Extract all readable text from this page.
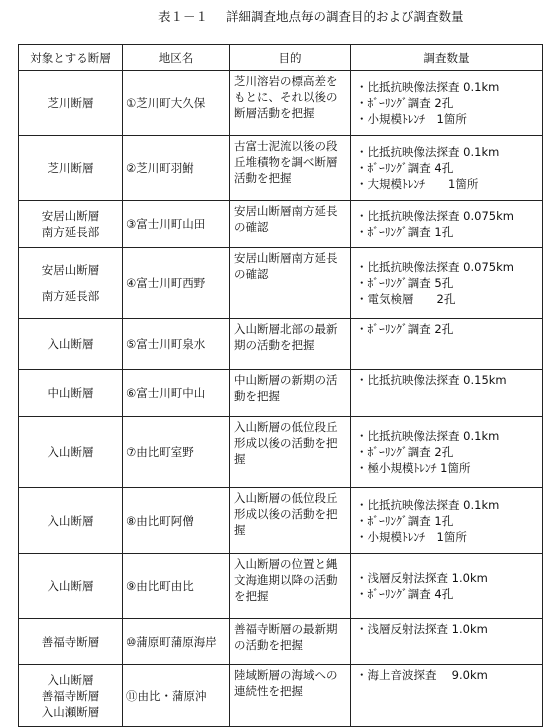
表１－１ 詳細調査地点毎の調査目的および調査数量
対象とする断層	地区名	目的	調査数量

芝川断層	①芝川町大久保	芝川溶岩の標高差を
もとに、それ以後の
断層活動を把握	・比抵抗映像法探査 0.1km
・ﾎﾞｰﾘﾝｸﾞ調査 2孔
・小規模ﾄﾚﾝﾁ　1箇所

芝川断層	②芝川町羽鮒	古富士泥流以後の段
丘堆積物を調べ断層
活動を把握	・比抵抗映像法探査 0.1km
・ﾎﾞｰﾘﾝｸﾞ調査 4孔
・大規模ﾄﾚﾝﾁ　　1箇所

安居山断層
南方延長部	③富士川町山田	安居山断層南方延長
の確認	・比抵抗映像法探査 0.075km
・ﾎﾞｰﾘﾝｸﾞ調査 1孔

安居山断層
南方延長部	④富士川町西野	安居山断層南方延長
の確認	・比抵抗映像法探査 0.075km
・ﾎﾞｰﾘﾝｸﾞ調査 5孔
・電気検層　　2孔

入山断層	⑤富士川町泉水	入山断層北部の最新
期の活動を把握	・ﾎﾞｰﾘﾝｸﾞ調査 2孔

中山断層	⑥富士川町中山	中山断層の新期の活
動を把握	・比抵抗映像法探査 0.15km

入山断層	⑦由比町室野	入山断層の低位段丘
形成以後の活動を把
握	・比抵抗映像法探査 0.1km
・ﾎﾞｰﾘﾝｸﾞ調査 2孔
・極小規模ﾄﾚﾝﾁ 1箇所

入山断層	⑧由比町阿僧	入山断層の低位段丘
形成以後の活動を把
握	・比抵抗映像法探査 0.1km
・ﾎﾞｰﾘﾝｸﾞ調査 1孔
・小規模ﾄﾚﾝﾁ　1箇所

入山断層	⑨由比町由比	入山断層の位置と縄
文海進期以降の活動
を把握	・浅層反射法探査 1.0km
・ﾎﾞｰﾘﾝｸﾞ調査 4孔

善福寺断層	⑩蒲原町蒲原海岸	善福寺断層の最新期
の活動を把握	・浅層反射法探査 1.0km

入山断層
善福寺断層
入山瀬断層	⑪由比・蒲原沖	陸域断層の海域への
連続性を把握	・海上音波探査　 9.0km
